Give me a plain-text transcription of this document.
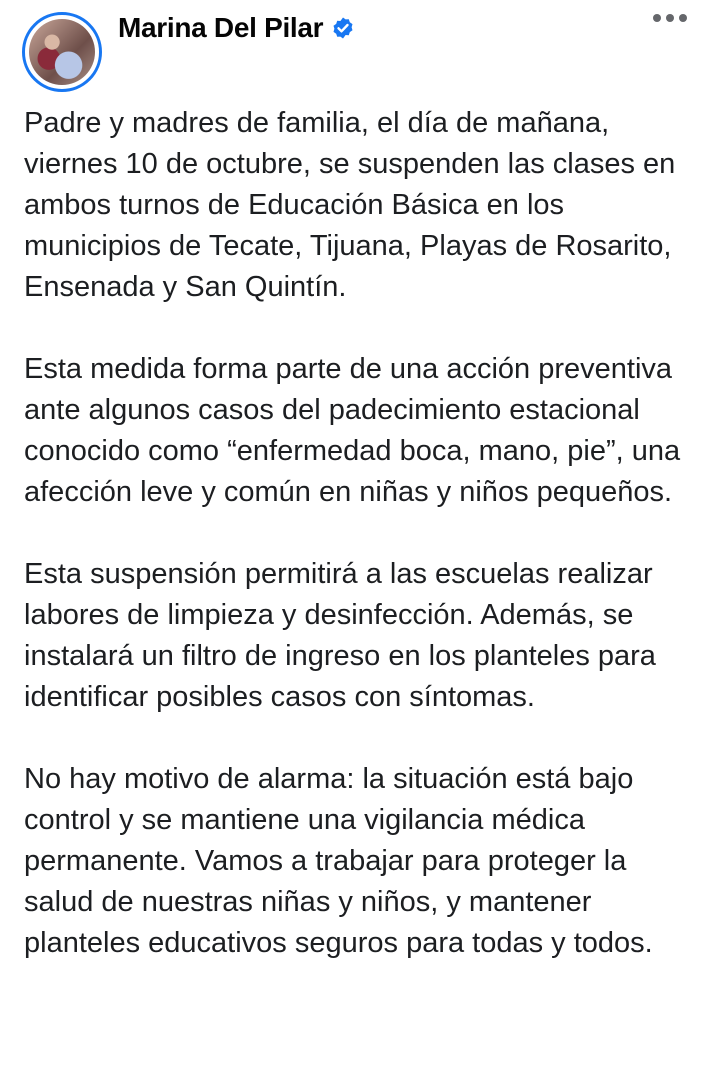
Marina Del Pilar

Padre y madres de familia, el día de mañana, viernes 10 de octubre, se suspenden las clases en ambos turnos de Educación Básica en los municipios de Tecate, Tijuana, Playas de Rosarito, Ensenada y San Quintín.

Esta medida forma parte de una acción preventiva ante algunos casos del padecimiento estacional conocido como “enfermedad boca, mano, pie”, una afección leve y común en niñas y niños pequeños.

Esta suspensión permitirá a las escuelas realizar labores de limpieza y desinfección. Además, se instalará un filtro de ingreso en los planteles para identificar posibles casos con síntomas.

No hay motivo de alarma: la situación está bajo control y se mantiene una vigilancia médica permanente. Vamos a trabajar para proteger la salud de nuestras niñas y niños, y mantener planteles educativos seguros para todas y todos.
